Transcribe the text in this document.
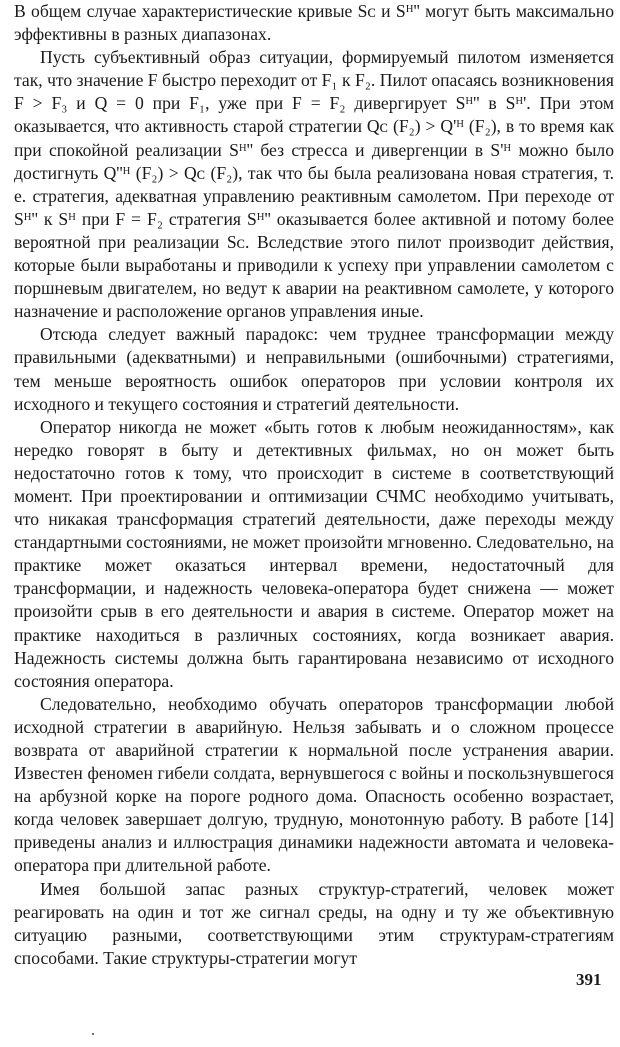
В общем случае характеристические кривые Sᴄ и Sᴴ'' могут быть максимально эффективны в разных диапазонах.

Пусть субъективный образ ситуации, формируемый пилотом изменяется так, что значение F быстро переходит от F₁ к F₂. Пилот опасаясь возникновения F > F₃ и Q = 0 при F₁, уже при F = F₂ дивергирует Sᴴ'' в Sᴴ'. При этом оказывается, что активность старой стратегии Qᴄ (F₂) > Q'ᴴ (F₂), в то время как при спокойной реализации Sᴴ'' без стресса и дивергенции в S'ᴴ можно было достигнуть Q''ᴴ (F₂) > Qᴄ (F₂), так что бы была реализована новая стратегия, т. е. стратегия, адекватная управлению реактивным самолетом. При переходе от Sᴴ'' к Sᴴ при F = F₂ стратегия Sᴴ'' оказывается более активной и потому более вероятной при реализации Sᴄ. Вследствие этого пилот производит действия, которые были выработаны и приводили к успеху при управлении самолетом с поршневым двигателем, но ведут к аварии на реактивном самолете, у которого назначение и расположение органов управления иные.

Отсюда следует важный парадокс: чем труднее трансформации между правильными (адекватными) и неправильными (ошибочными) стратегиями, тем меньше вероятность ошибок операторов при условии контроля их исходного и текущего состояния и стратегий деятельности.

Оператор никогда не может «быть готов к любым неожиданностям», как нередко говорят в быту и детективных фильмах, но он может быть недостаточно готов к тому, что происходит в системе в соответствующий момент. При проектировании и оптимизации СЧМС необходимо учитывать, что никакая трансформация стратегий деятельности, даже переходы между стандартными состояниями, не может произойти мгновенно. Следовательно, на практике может оказаться интервал времени, недостаточный для трансформации, и надежность человека-оператора будет снижена — может произойти срыв в его деятельности и авария в системе. Оператор может на практике находиться в различных состояниях, когда возникает авария. Надежность системы должна быть гарантирована независимо от исходного состояния оператора.

Следовательно, необходимо обучать операторов трансформации любой исходной стратегии в аварийную. Нельзя забывать и о сложном процессе возврата от аварийной стратегии к нормальной после устранения аварии. Известен феномен гибели солдата, вернувшегося с войны и поскользнувшегося на арбузной корке на пороге родного дома. Опасность особенно возрастает, когда человек завершает долгую, трудную, монотонную работу. В работе [14] приведены анализ и иллюстрация динамики надежности автомата и человека-оператора при длительной работе.

Имея большой запас разных структур-стратегий, человек может реагировать на один и тот же сигнал среды, на одну и ту же объективную ситуацию разными, соответствующими этим структурам-стратегиям способами. Такие структуры-стратегии могут

391
